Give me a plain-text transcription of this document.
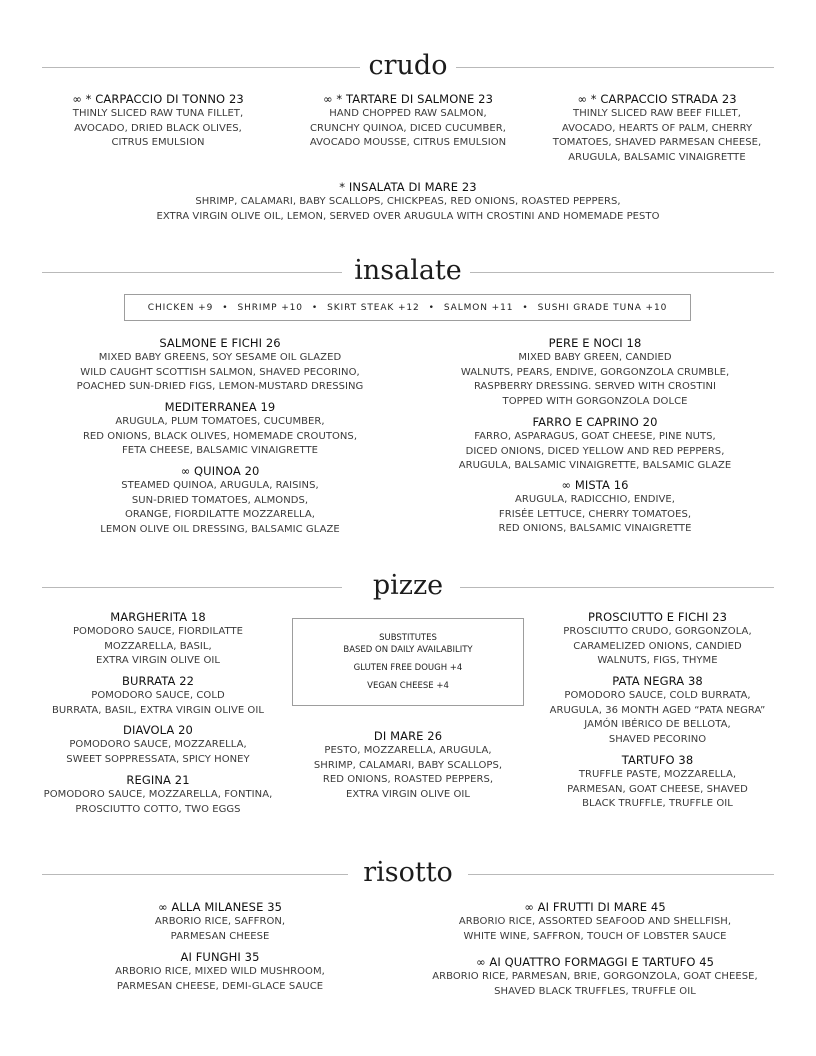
crudo
∞ * CARPACCIO DI TONNO 23
THINLY SLICED RAW TUNA FILLET,
AVOCADO, DRIED BLACK OLIVES,
CITRUS EMULSION
∞ * TARTARE DI SALMONE 23
HAND CHOPPED RAW SALMON,
CRUNCHY QUINOA, DICED CUCUMBER,
AVOCADO MOUSSE, CITRUS EMULSION
∞ * CARPACCIO STRADA 23
THINLY SLICED RAW BEEF FILLET,
AVOCADO, HEARTS OF PALM, CHERRY
TOMATOES, SHAVED PARMESAN CHEESE,
ARUGULA, BALSAMIC VINAIGRETTE
* INSALATA DI MARE 23
SHRIMP, CALAMARI, BABY SCALLOPS, CHICKPEAS, RED ONIONS, ROASTED PEPPERS,
EXTRA VIRGIN OLIVE OIL, LEMON, SERVED OVER ARUGULA WITH CROSTINI AND HOMEMADE PESTO
insalate
CHICKEN +9 • SHRIMP +10 • SKIRT STEAK +12 • SALMON +11 • SUSHI GRADE TUNA +10
SALMONE E FICHI 26
MIXED BABY GREENS, SOY SESAME OIL GLAZED
WILD CAUGHT SCOTTISH SALMON, SHAVED PECORINO,
POACHED SUN-DRIED FIGS, LEMON-MUSTARD DRESSING
MEDITERRANEA 19
ARUGULA, PLUM TOMATOES, CUCUMBER,
RED ONIONS, BLACK OLIVES, HOMEMADE CROUTONS,
FETA CHEESE, BALSAMIC VINAIGRETTE
∞ QUINOA 20
STEAMED QUINOA, ARUGULA, RAISINS,
SUN-DRIED TOMATOES, ALMONDS,
ORANGE, FIORDILATTE MOZZARELLA,
LEMON OLIVE OIL DRESSING, BALSAMIC GLAZE
PERE E NOCI 18
MIXED BABY GREEN, CANDIED
WALNUTS, PEARS, ENDIVE, GORGONZOLA CRUMBLE,
RASPBERRY DRESSING. SERVED WITH CROSTINI
TOPPED WITH GORGONZOLA DOLCE
FARRO E CAPRINO 20
FARRO, ASPARAGUS, GOAT CHEESE, PINE NUTS,
DICED ONIONS, DICED YELLOW AND RED PEPPERS,
ARUGULA, BALSAMIC VINAIGRETTE, BALSAMIC GLAZE
∞ MISTA 16
ARUGULA, RADICCHIO, ENDIVE,
FRISÉE LETTUCE, CHERRY TOMATOES,
RED ONIONS, BALSAMIC VINAIGRETTE
pizze
MARGHERITA 18
POMODORO SAUCE, FIORDILATTE
MOZZARELLA, BASIL,
EXTRA VIRGIN OLIVE OIL
BURRATA 22
POMODORO SAUCE, COLD
BURRATA, BASIL, EXTRA VIRGIN OLIVE OIL
DIAVOLA 20
POMODORO SAUCE, MOZZARELLA,
SWEET SOPPRESSATA, SPICY HONEY
REGINA 21
POMODORO SAUCE, MOZZARELLA, FONTINA,
PROSCIUTTO COTTO, TWO EGGS
SUBSTITUTES
BASED ON DAILY AVAILABILITY
GLUTEN FREE DOUGH +4
VEGAN CHEESE +4
DI MARE 26
PESTO, MOZZARELLA, ARUGULA,
SHRIMP, CALAMARI, BABY SCALLOPS,
RED ONIONS, ROASTED PEPPERS,
EXTRA VIRGIN OLIVE OIL
PROSCIUTTO E FICHI 23
PROSCIUTTO CRUDO, GORGONZOLA,
CARAMELIZED ONIONS, CANDIED
WALNUTS, FIGS, THYME
PATA NEGRA 38
POMODORO SAUCE, COLD BURRATA,
ARUGULA, 36 MONTH AGED “PATA NEGRA”
JAMÓN IBÉRICO DE BELLOTA,
SHAVED PECORINO
TARTUFO 38
TRUFFLE PASTE, MOZZARELLA,
PARMESAN, GOAT CHEESE, SHAVED
BLACK TRUFFLE, TRUFFLE OIL
risotto
∞ ALLA MILANESE 35
ARBORIO RICE, SAFFRON,
PARMESAN CHEESE
AI FUNGHI 35
ARBORIO RICE, MIXED WILD MUSHROOM,
PARMESAN CHEESE, DEMI-GLACE SAUCE
∞ AI FRUTTI DI MARE 45
ARBORIO RICE, ASSORTED SEAFOOD AND SHELLFISH,
WHITE WINE, SAFFRON, TOUCH OF LOBSTER SAUCE
∞ AI QUATTRO FORMAGGI E TARTUFO 45
ARBORIO RICE, PARMESAN, BRIE, GORGONZOLA, GOAT CHEESE,
SHAVED BLACK TRUFFLES, TRUFFLE OIL
